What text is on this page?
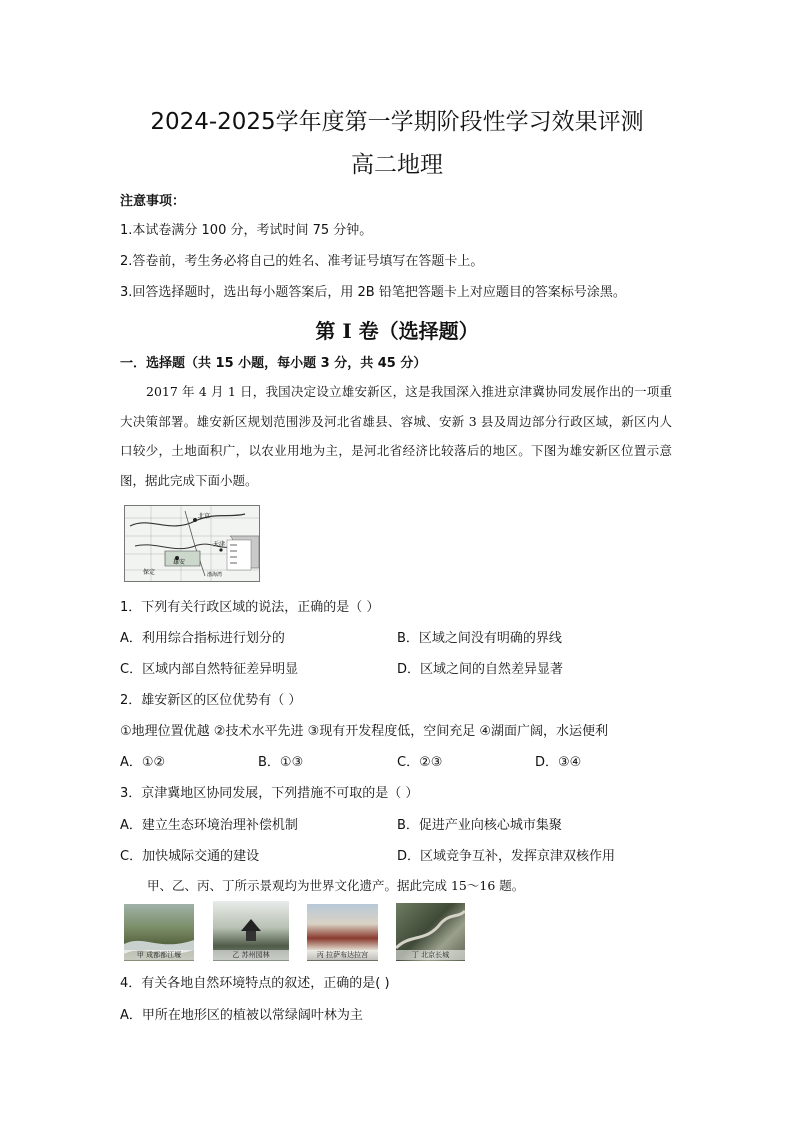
2024-2025学年度第一学期阶段性学习效果评测
高二地理
注意事项：
1.本试卷满分 100 分，考试时间 75 分钟。
2.答卷前，考生务必将自己的姓名、准考证号填写在答题卡上。
3.回答选择题时，选出每小题答案后，用 2B 铅笔把答题卡上对应题目的答案标号涂黑。
第 I 卷（选择题）
一．选择题（共 15 小题，每小题 3 分，共 45 分）
2017 年 4 月 1 日，我国决定设立雄安新区，这是我国深入推进京津冀协同发展作出的一项重大决策部署。雄安新区规划范围涉及河北省雄县、容城、安新 3 县及周边部分行政区域，新区内人口较少，土地面积广，以农业用地为主，是河北省经济比较落后的地区。下图为雄安新区位置示意图，据此完成下面小题。
北京
雄安
天津
保定	渤海湾
1．下列有关行政区域的说法，正确的是（ ）
A．利用综合指标进行划分的	B．区域之间没有明确的界线
C．区域内部自然特征差异明显	D．区域之间的自然差异显著
2．雄安新区的区位优势有（ ）
①地理位置优越 ②技术水平先进 ③现有开发程度低，空间充足 ④湖面广阔，水运便利
A．①②	B．①③	C．②③	D．③④
3．京津冀地区协同发展，下列措施不可取的是（ ）
A．建立生态环境治理补偿机制	B．促进产业向核心城市集聚
C．加快城际交通的建设	D．区域竞争互补，发挥京津双核作用
甲、乙、丙、丁所示景观均为世界文化遗产。据此完成 15～16 题。
甲 成都都江堰	乙 苏州园林	丙 拉萨布达拉宫	丁 北京长城
4．有关各地自然环境特点的叙述，正确的是( )
A．甲所在地形区的植被以常绿阔叶林为主
